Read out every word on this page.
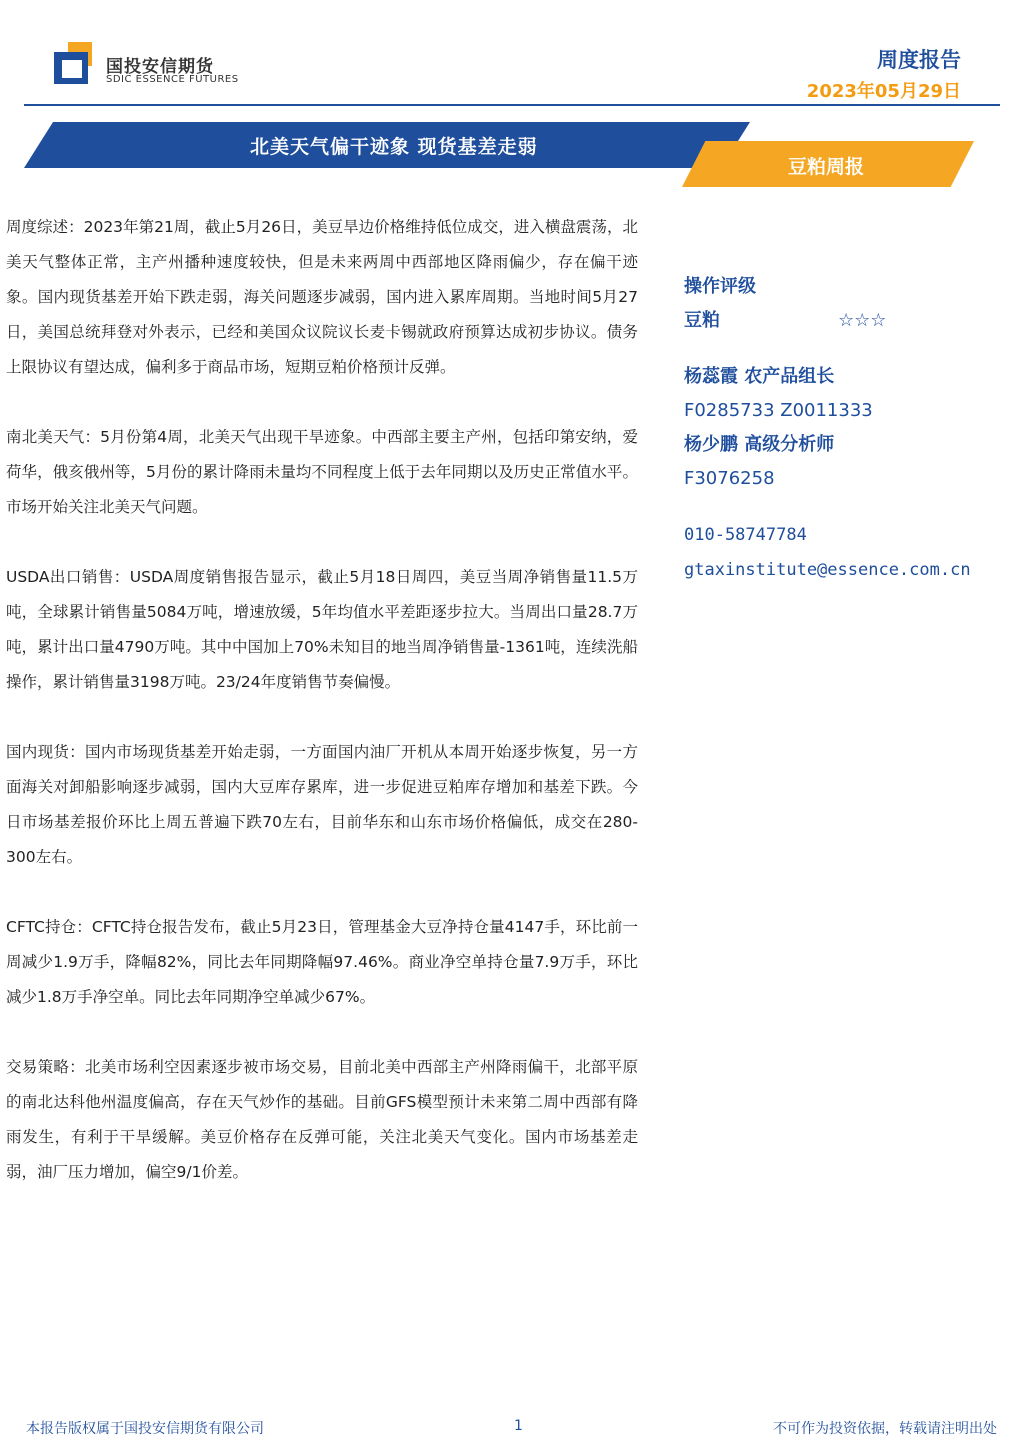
国投安信期货
SDIC ESSENCE FUTURES
周度报告
2023年05月29日
北美天气偏干迹象 现货基差走弱
豆粕周报

周度综述：2023年第21周，截止5月26日，美豆旱边价格维持低位成交，进入横盘震荡，北美天气整体正常，主产州播种速度较快，但是未来两周中西部地区降雨偏少，存在偏干迹象。国内现货基差开始下跌走弱，海关问题逐步减弱，国内进入累库周期。当地时间5月27日，美国总统拜登对外表示，已经和美国众议院议长麦卡锡就政府预算达成初步协议。债务上限协议有望达成，偏利多于商品市场，短期豆粕价格预计反弹。

南北美天气：5月份第4周，北美天气出现干旱迹象。中西部主要主产州，包括印第安纳，爱荷华，俄亥俄州等，5月份的累计降雨未量均不同程度上低于去年同期以及历史正常值水平。市场开始关注北美天气问题。

USDA出口销售：USDA周度销售报告显示，截止5月18日周四，美豆当周净销售量11.5万吨，全球累计销售量5084万吨，增速放缓，5年均值水平差距逐步拉大。当周出口量28.7万吨，累计出口量4790万吨。其中中国加上70%未知目的地当周净销售量-1361吨，连续洗船操作，累计销售量3198万吨。23/24年度销售节奏偏慢。

国内现货：国内市场现货基差开始走弱，一方面国内油厂开机从本周开始逐步恢复，另一方面海关对卸船影响逐步减弱，国内大豆库存累库，进一步促进豆粕库存增加和基差下跌。今日市场基差报价环比上周五普遍下跌70左右，目前华东和山东市场价格偏低，成交在280-300左右。

CFTC持仓：CFTC持仓报告发布，截止5月23日，管理基金大豆净持仓量4147手，环比前一周减少1.9万手，降幅82%，同比去年同期降幅97.46%。商业净空单持仓量7.9万手，环比减少1.8万手净空单。同比去年同期净空单减少67%。

交易策略：北美市场利空因素逐步被市场交易，目前北美中西部主产州降雨偏干，北部平原的南北达科他州温度偏高，存在天气炒作的基础。目前GFS模型预计未来第二周中西部有降雨发生，有利于干旱缓解。美豆价格存在反弹可能，关注北美天气变化。国内市场基差走弱，油厂压力增加，偏空9/1价差。

操作评级
豆粕	☆☆☆
杨蕊霞 农产品组长
F0285733 Z0011333
杨少鹏 高级分析师
F3076258
010-58747784
gtaxinstitute@essence.com.cn
本报告版权属于国投安信期货有限公司	1	不可作为投资依据，转载请注明出处
